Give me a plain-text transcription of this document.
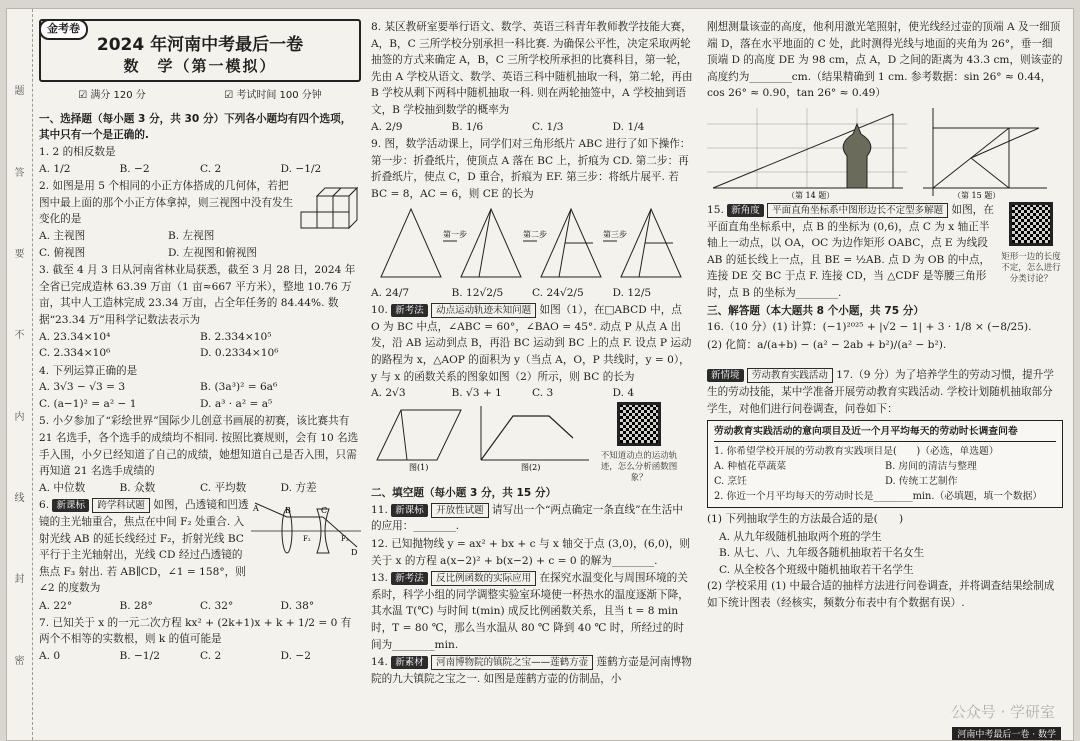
题
答
要
不
内
线
封
密
金考卷
2024 年河南中考最后一卷
数　学（第一模拟）
☑ 满分 120 分
☑	考试时间 100 分钟
一、选择题（每小题 3 分，共 30 分）下列各小题均有四个选项，其中只有一个是正确的.
1. 2 的相反数是
A. 1/2	B. −2	C. 2	D. −1/2
2. 如图是用 5 个相同的小正方体搭成的几何体，若把图中最上面的那个小正方体拿掉，则三视图中没有发生变化的是
A. 主视图	B. 左视图
C. 俯视图	D. 左视图和俯视图
3. 截至 4 月 3 日从河南省林业局获悉，截至 3 月 28 日，2024 年全省已完成造林 63.39 万亩（1 亩≈667 平方米），整地 10.76 万亩，其中人工造林完成 23.34 万亩，占全年任务的 84.44%. 数据“23.34 万”用科学记数法表示为
A. 23.34×10⁴	B. 2.334×10⁵
C. 2.334×10⁶	D. 0.2334×10⁶
4. 下列运算正确的是
A. 3√3 − √3 = 3	B. (3a³)² = 6a⁶
C. (a−1)² = a² − 1	D. a³ · a² = a⁵
5. 小夕参加了“彩绘世界”国际少儿创意书画展的初赛，该比赛共有 21 名选手，各个选手的成绩均不相同. 按照比赛规则，会有 10 名选手入围，小夕已经知道了自己的成绩，她想知道自己是否入围，只需再知道 21 名选手成绩的
A. 中位数	B. 众数	C. 平均数	D. 方差
6. 新课标 跨学科试题 如图，凸透镜和凹透镜的主光轴重合，焦点在中间 F₂ 处重合. 入射光线 AB 的延长线经过 F₂，折射光线 BC 平行于主光轴射出，光线 CD 经过凸透镜的焦点 F₃ 射出. 若 AB∥CD，∠1 = 158°，则 ∠2 的度数为
A	B	C
D
F₂	F₃
A. 22°	B. 28°	C. 32°	D. 38°
7. 已知关于 x 的一元二次方程 kx² + (2k+1)x + k + 1/2 = 0 有两个不相等的实数根，则 k 的值可能是
A. 0	B. −1/2	C. 2	D. −2
8. 某区教研室要举行语文、数学、英语三科青年教师教学技能大赛，A，B，C 三所学校分别承担一科比赛. 为确保公平性，决定采取两轮抽签的方式来确定 A，B，C 三所学校所承担的比赛科目，第一轮，先由 A 学校从语文、数学、英语三科中随机抽取一科，第二轮，再由 B 学校从剩下两科中随机抽取一科. 则在两轮抽签中，A 学校抽到语文，B 学校抽到数学的概率为
A. 2/9	B. 1/6	C. 1/3	D. 1/4
9. 图，数学活动课上，同学们对三角形纸片 ABC 进行了如下操作：第一步：折叠纸片，使顶点 A 落在 BC 上，折痕为 CD. 第二步：再折叠纸片，使点 C，D 重合，折痕为 EF. 第三步：将纸片展平. 若 BC = 8，AC = 6，则 CE 的长为
第一步	第二步	第三步
A. 24/7	B. 12√2/5	C. 24√2/5	D. 12/5
10. 新考法 动点运动轨迹未知问题 如图（1），在□ABCD 中，点 O 为 BC 中点，∠ABC = 60°，∠BAO = 45°. 动点 P 从点 A 出发，沿 AB 运动到点 B，再沿 BC 运动到 BC 上的点 F. 设点 P 运动的路程为 x，△AOP 的面积为 y（当点 A，O，P 共线时，y = 0），y 与 x 的函数关系的图象如图（2）所示，则 BC 的长为
A. 2√3	B. √3 + 1	C. 3	D. 4
图(1)	图(2)
不知道动点的运动轨迹，怎么分析函数图象？
二、填空题（每小题 3 分，共 15 分）
11. 新课标 开放性试题 请写出一个“两点确定一条直线”在生活中的应用：________.
12. 已知抛物线 y = ax² + bx + c 与 x 轴交于点 (3,0)，(6,0)，则关于 x 的方程 a(x−2)² + b(x−2) + c = 0 的解为________.
13. 新考法 反比例函数的实际应用 在探究水温变化与周围环境的关系时，科学小组的同学调整实验室环境使一杯热水的温度逐渐下降，其水温 T(℃) 与时间 t(min) 成反比例函数关系，且当 t = 8 min 时，T = 80 ℃，那么当水温从 80 ℃ 降到 40 ℃ 时，所经过的时间为________min.
14. 新素材 河南博物院的镇院之宝——莲鹤方壶 莲鹤方壶是河南博物院的九大镇院之宝之一. 如图是莲鹤方壶的仿制品，小
刚想测量该壶的高度，他利用激光笔照射，使光线经过壶的顶端 A 及一细顶端 D，落在水平地面的 C 处，此时测得光线与地面的夹角为 26°，垂一细顶端 D 的高度 DE 为 98 cm，点 A，D 之间的距离为 43.3 cm，则该壶的高度约为________cm.（结果精确到 1 cm. 参考数据：sin 26° ≈ 0.44，cos 26° ≈ 0.90，tan 26° ≈ 0.49）
（第 14 题）	（第 15 题）
15. 新角度 平面直角坐标系中图形边长不定型多解题 如图，在平面直角坐标系中，点 B 的坐标为 (0,6)，点 C 为 x 轴正半轴上一动点，以 OA，OC 为边作矩形 OABC，点 E 为线段 AB 的延长线上一点，且 BE = ½AB. 点 D 为 OB 的中点，连接 DE 交 BC 于点 F. 连接 CD，当 △CDF 是等腰三角形时，点 B 的坐标为________.
矩形一边的长度不定，怎么进行分类讨论？
三、解答题（本大题共 8 个小题，共 75 分）
16.（10 分）(1) 计算：(−1)²⁰²⁵ + |√2 − 1| + 3 · 1/8 × (−8/25).
(2) 化简：a/(a+b) − (a² − 2ab + b²)/(a² − b²).
新情境 劳动教育实践活动 17.（9 分）为了培养学生的劳动习惯，提升学生的劳动技能，某中学准备开展劳动教育实践活动. 学校计划随机抽取部分学生，对他们进行问卷调查，问卷如下：
劳动教育实践活动的意向项目及近一个月平均每天的劳动时长调查问卷
1. 你希望学校开展的劳动教育实践项目是(　　)（必选，单选题）
A. 种植花草蔬菜	B. 房间的清洁与整理
C. 烹饪	D. 传统工艺制作
2. 你近一个月平均每天的劳动时长是________min.（必填题，填一个数据）
(1) 下列抽取学生的方法最合适的是(　　)
A. 从九年级随机抽取两个班的学生
B. 从七、八、九年级各随机抽取若干名女生
C. 从全校各个班级中随机抽取若干名学生
(2) 学校采用 (1) 中最合适的抽样方法进行问卷调查，并将调查结果绘制成如下统计图表（经核实，频数分布表中有个数据有误）.
公众号 · 学研室
河南中考最后一卷 · 数学
